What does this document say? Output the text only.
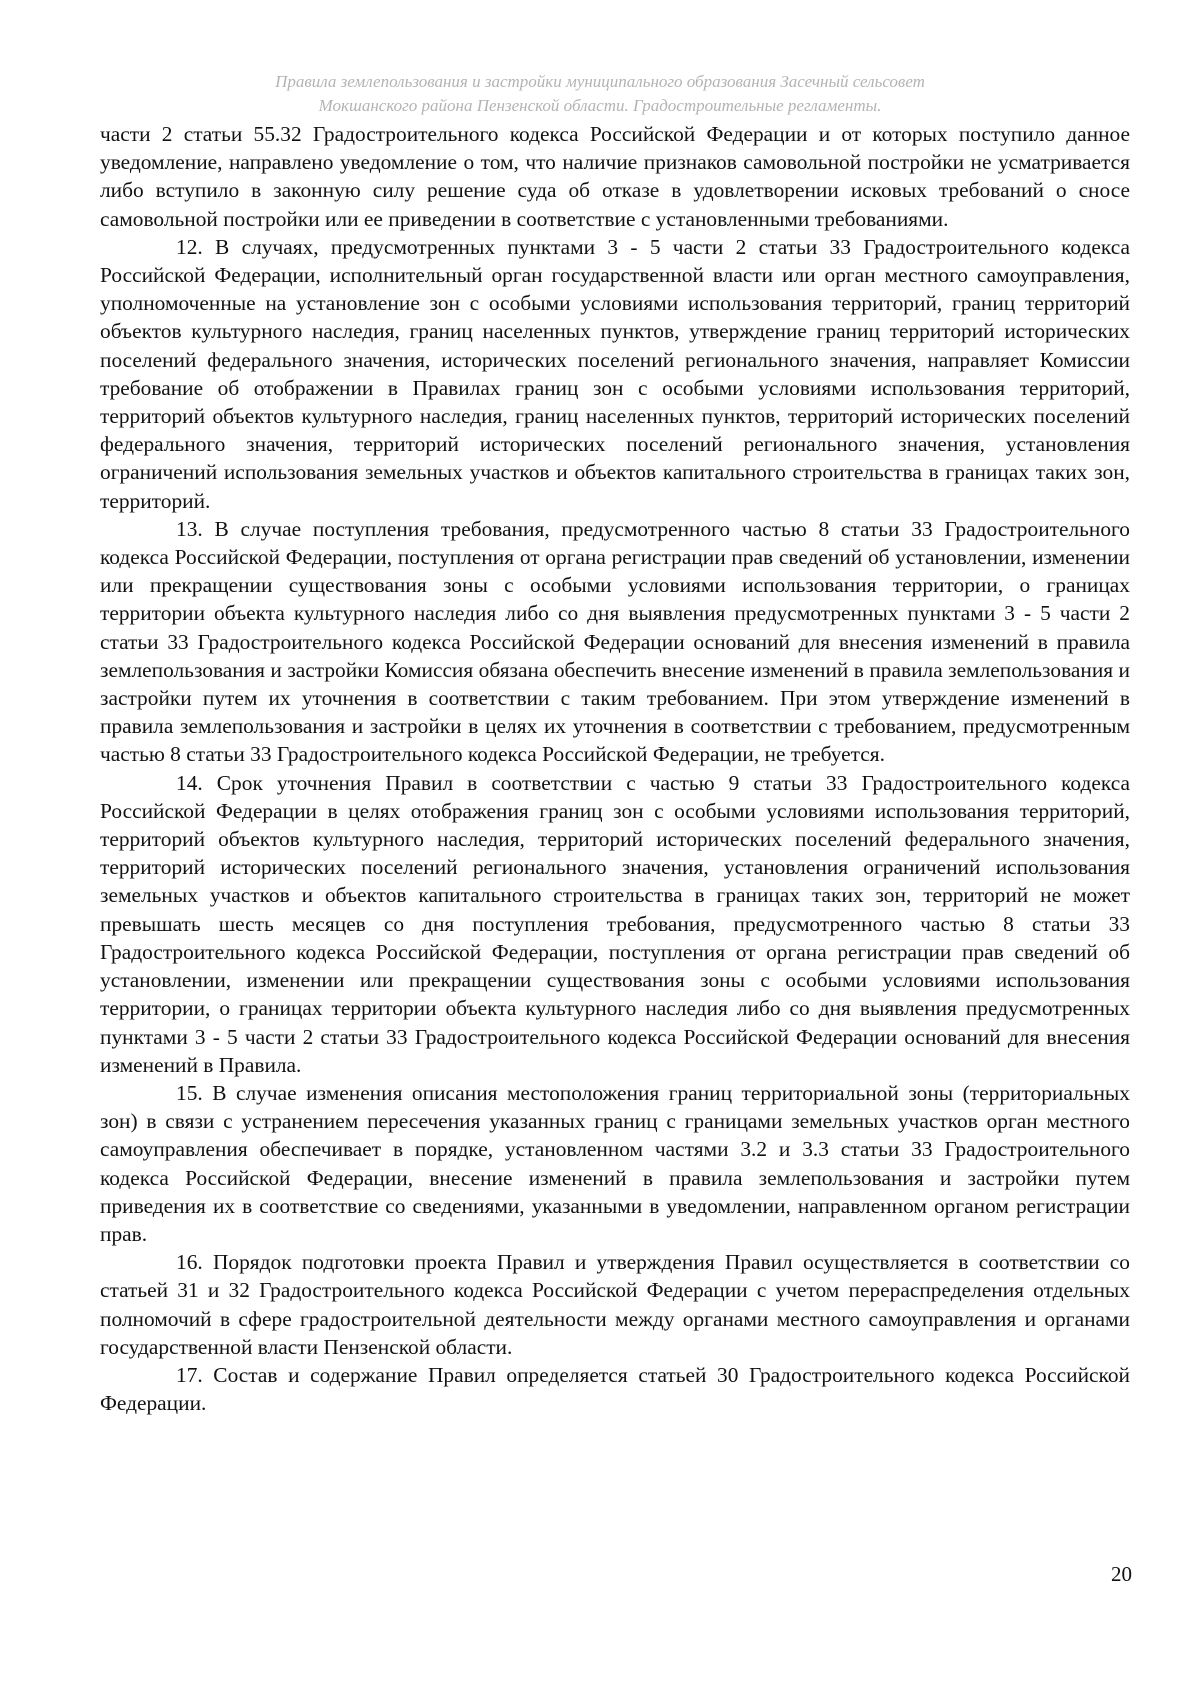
Правила землепользования и застройки муниципального образования Засечный сельсовет
Мокшанского района Пензенской области. Градостроительные регламенты.

части 2 статьи 55.32 Градостроительного кодекса Российской Федерации и от которых поступило данное уведомление, направлено уведомление о том, что наличие признаков самовольной постройки не усматривается либо вступило в законную силу решение суда об отказе в удовлетворении исковых требований о сносе самовольной постройки или ее приведении в соответствие с установленными требованиями.

12. В случаях, предусмотренных пунктами 3 - 5 части 2 статьи 33 Градостроительного кодекса Российской Федерации, исполнительный орган государственной власти или орган местного самоуправления, уполномоченные на установление зон с особыми условиями использования территорий, границ территорий объектов культурного наследия, границ населенных пунктов, утверждение границ территорий исторических поселений федерального значения, исторических поселений регионального значения, направляет Комиссии требование об отображении в Правилах границ зон с особыми условиями использования территорий, территорий объектов культурного наследия, границ населенных пунктов, территорий исторических поселений федерального значения, территорий исторических поселений регионального значения, установления ограничений использования земельных участков и объектов капитального строительства в границах таких зон, территорий.

13. В случае поступления требования, предусмотренного частью 8 статьи 33 Градостроительного кодекса Российской Федерации, поступления от органа регистрации прав сведений об установлении, изменении или прекращении существования зоны с особыми условиями использования территории, о границах территории объекта культурного наследия либо со дня выявления предусмотренных пунктами 3 - 5 части 2 статьи 33 Градостроительного кодекса Российской Федерации оснований для внесения изменений в правила землепользования и застройки Комиссия обязана обеспечить внесение изменений в правила землепользования и застройки путем их уточнения в соответствии с таким требованием. При этом утверждение изменений в правила землепользования и застройки в целях их уточнения в соответствии с требованием, предусмотренным частью 8 статьи 33 Градостроительного кодекса Российской Федерации, не требуется.

14. Срок уточнения Правил в соответствии с частью 9 статьи 33 Градостроительного кодекса Российской Федерации в целях отображения границ зон с особыми условиями использования территорий, территорий объектов культурного наследия, территорий исторических поселений федерального значения, территорий исторических поселений регионального значения, установления ограничений использования земельных участков и объектов капитального строительства в границах таких зон, территорий не может превышать шесть месяцев со дня поступления требования, предусмотренного частью 8 статьи 33 Градостроительного кодекса Российской Федерации, поступления от органа регистрации прав сведений об установлении, изменении или прекращении существования зоны с особыми условиями использования территории, о границах территории объекта культурного наследия либо со дня выявления предусмотренных пунктами 3 - 5 части 2 статьи 33 Градостроительного кодекса Российской Федерации оснований для внесения изменений в Правила.

15. В случае изменения описания местоположения границ территориальной зоны (территориальных зон) в связи с устранением пересечения указанных границ с границами земельных участков орган местного самоуправления обеспечивает в порядке, установленном частями 3.2 и 3.3 статьи 33 Градостроительного кодекса Российской Федерации, внесение изменений в правила землепользования и застройки путем приведения их в соответствие со сведениями, указанными в уведомлении, направленном органом регистрации прав.

16. Порядок подготовки проекта Правил и утверждения Правил осуществляется в соответствии со статьей 31 и 32 Градостроительного кодекса Российской Федерации с учетом перераспределения отдельных полномочий в сфере градостроительной деятельности между органами местного самоуправления и органами государственной власти Пензенской области.

17. Состав и содержание Правил определяется статьей 30 Градостроительного кодекса Российской Федерации.

20
